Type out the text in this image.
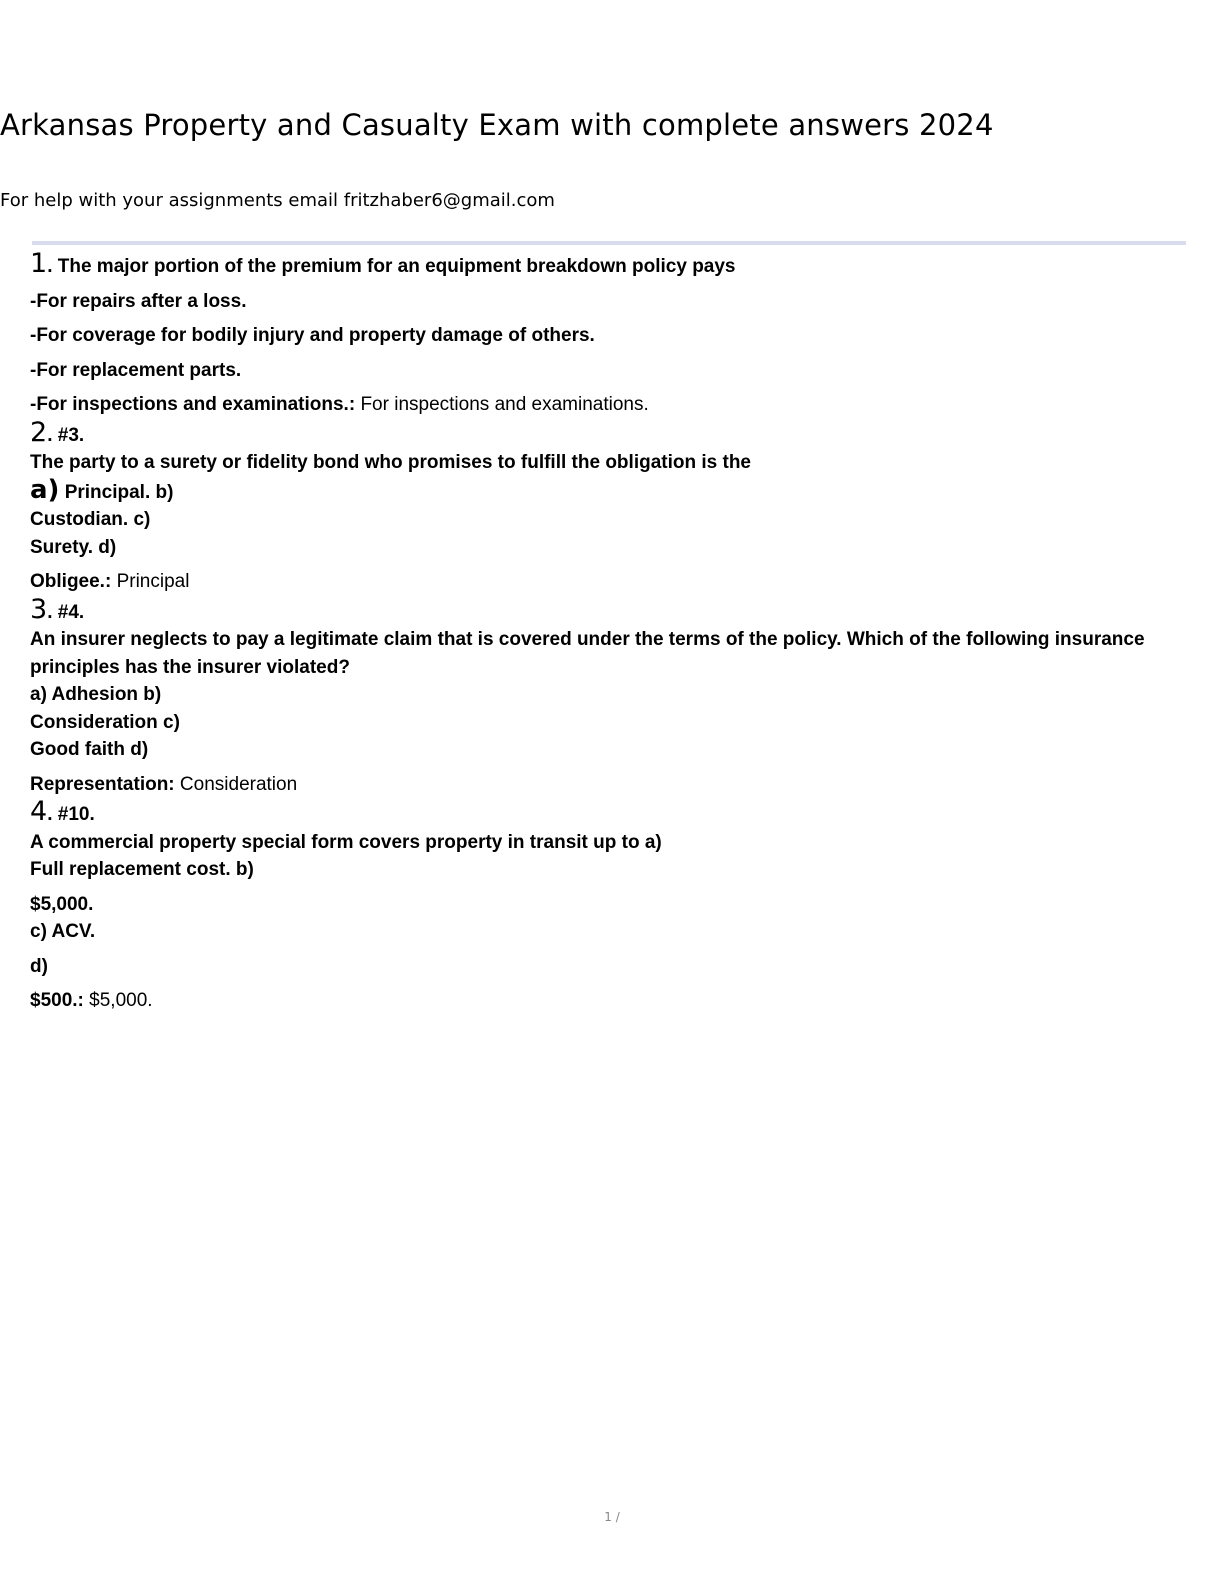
Arkansas Property and Casualty Exam with complete answers 2024
For help with your assignments email fritzhaber6@gmail.com
1. The major portion of the premium for an equipment breakdown policy pays
-For repairs after a loss.
-For coverage for bodily injury and property damage of others.
-For replacement parts.
-For inspections and examinations.: For inspections and examinations.
2. #3.
The party to a surety or fidelity bond who promises to fulfill the obligation is the
a) Principal. b)
Custodian. c)
Surety. d)
Obligee.: Principal
3. #4.
An insurer neglects to pay a legitimate claim that is covered under the terms of the policy. Which of the following insurance principles has the insurer violated?
a) Adhesion b)
Consideration c)
Good faith d)
Representation: Consideration
4. #10.
A commercial property special form covers property in transit up to a)
Full replacement cost. b)
$5,000.
c) ACV.
d)
$500.: $5,000.
1 /
